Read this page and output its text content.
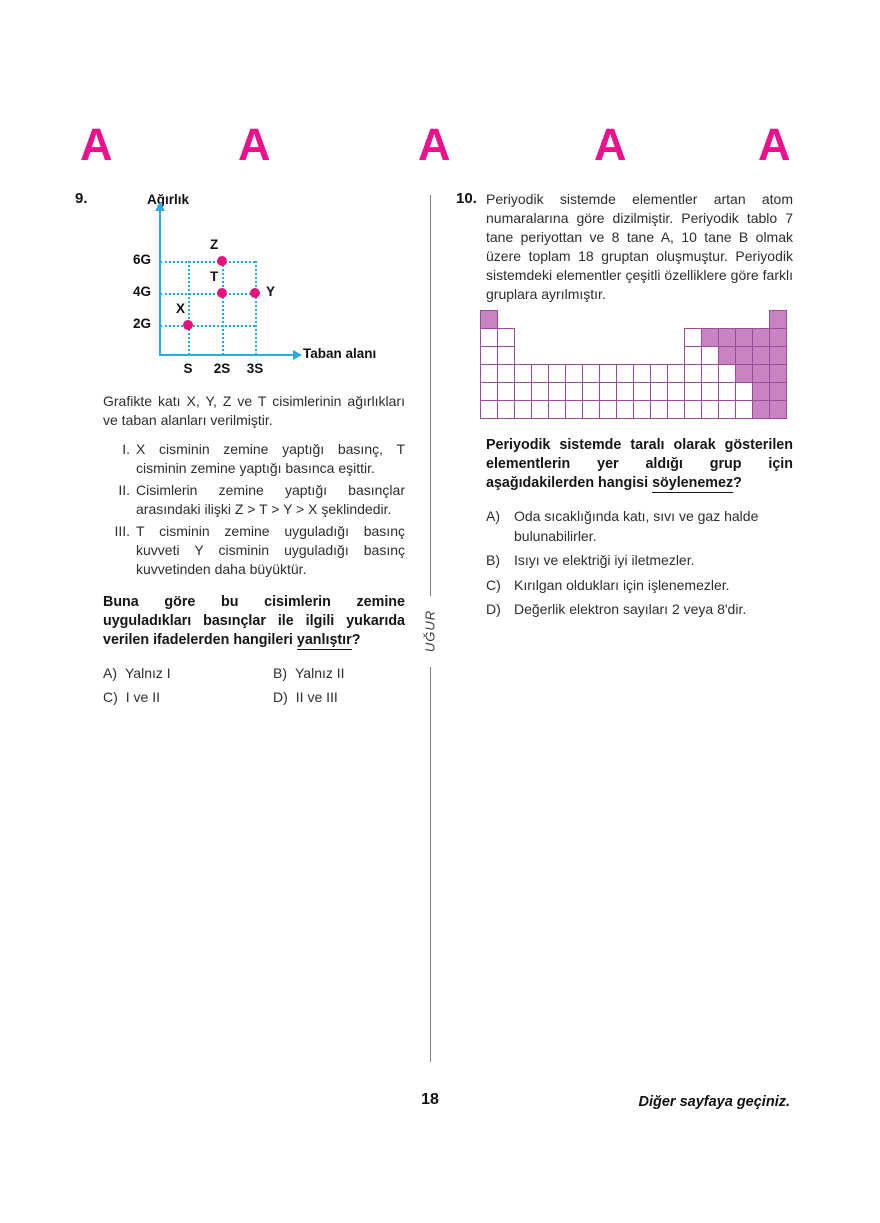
A	A	A	A	A
UĞUR
9.	Ağırlık
Taban alanı
S	2S	3S
2G
4G
6G
X
T
Y
Z

Grafikte katı X, Y, Z ve T cisimlerinin ağırlıkları ve taban alanları verilmiştir.

I. X cisminin zemine yaptığı basınç, T cisminin zemine yaptığı basınca eşittir.
II. Cisimlerin zemine yaptığı basınçlar arasındaki ilişki Z > T > Y > X şeklindedir.
III. T cisminin zemine uyguladığı basınç kuvveti Y cisminin uyguladığı basınç kuvvetinden daha büyüktür.

Buna göre bu cisimlerin zemine uyguladıkları basınçlar ile ilgili yukarıda verilen ifadelerden hangileri yanlıştır?

A) Yalnız I	B) Yalnız II
C) I ve II	D) II ve III
10. Periyodik sistemde elementler artan atom numaralarına göre dizilmiştir. Periyodik tablo 7 tane periyottan ve 8 tane A, 10 tane B olmak üzere toplam 18 gruptan oluşmuştur. Periyodik sistemdeki elementler çeşitli özelliklere göre farklı gruplara ayrılmıştır.

Periyodik sistemde taralı olarak gösterilen elementlerin yer aldığı grup için aşağıdakilerden hangisi söylenemez?

A)	Oda sıcaklığında katı, sıvı ve gaz halde bulunabilirler.
B)	Isıyı ve elektriği iyi iletmezler.
C) Kırılgan oldukları için işlenemezler.
D) Değerlik elektron sayıları 2 veya 8'dir.
18	Diğer sayfaya geçiniz.
